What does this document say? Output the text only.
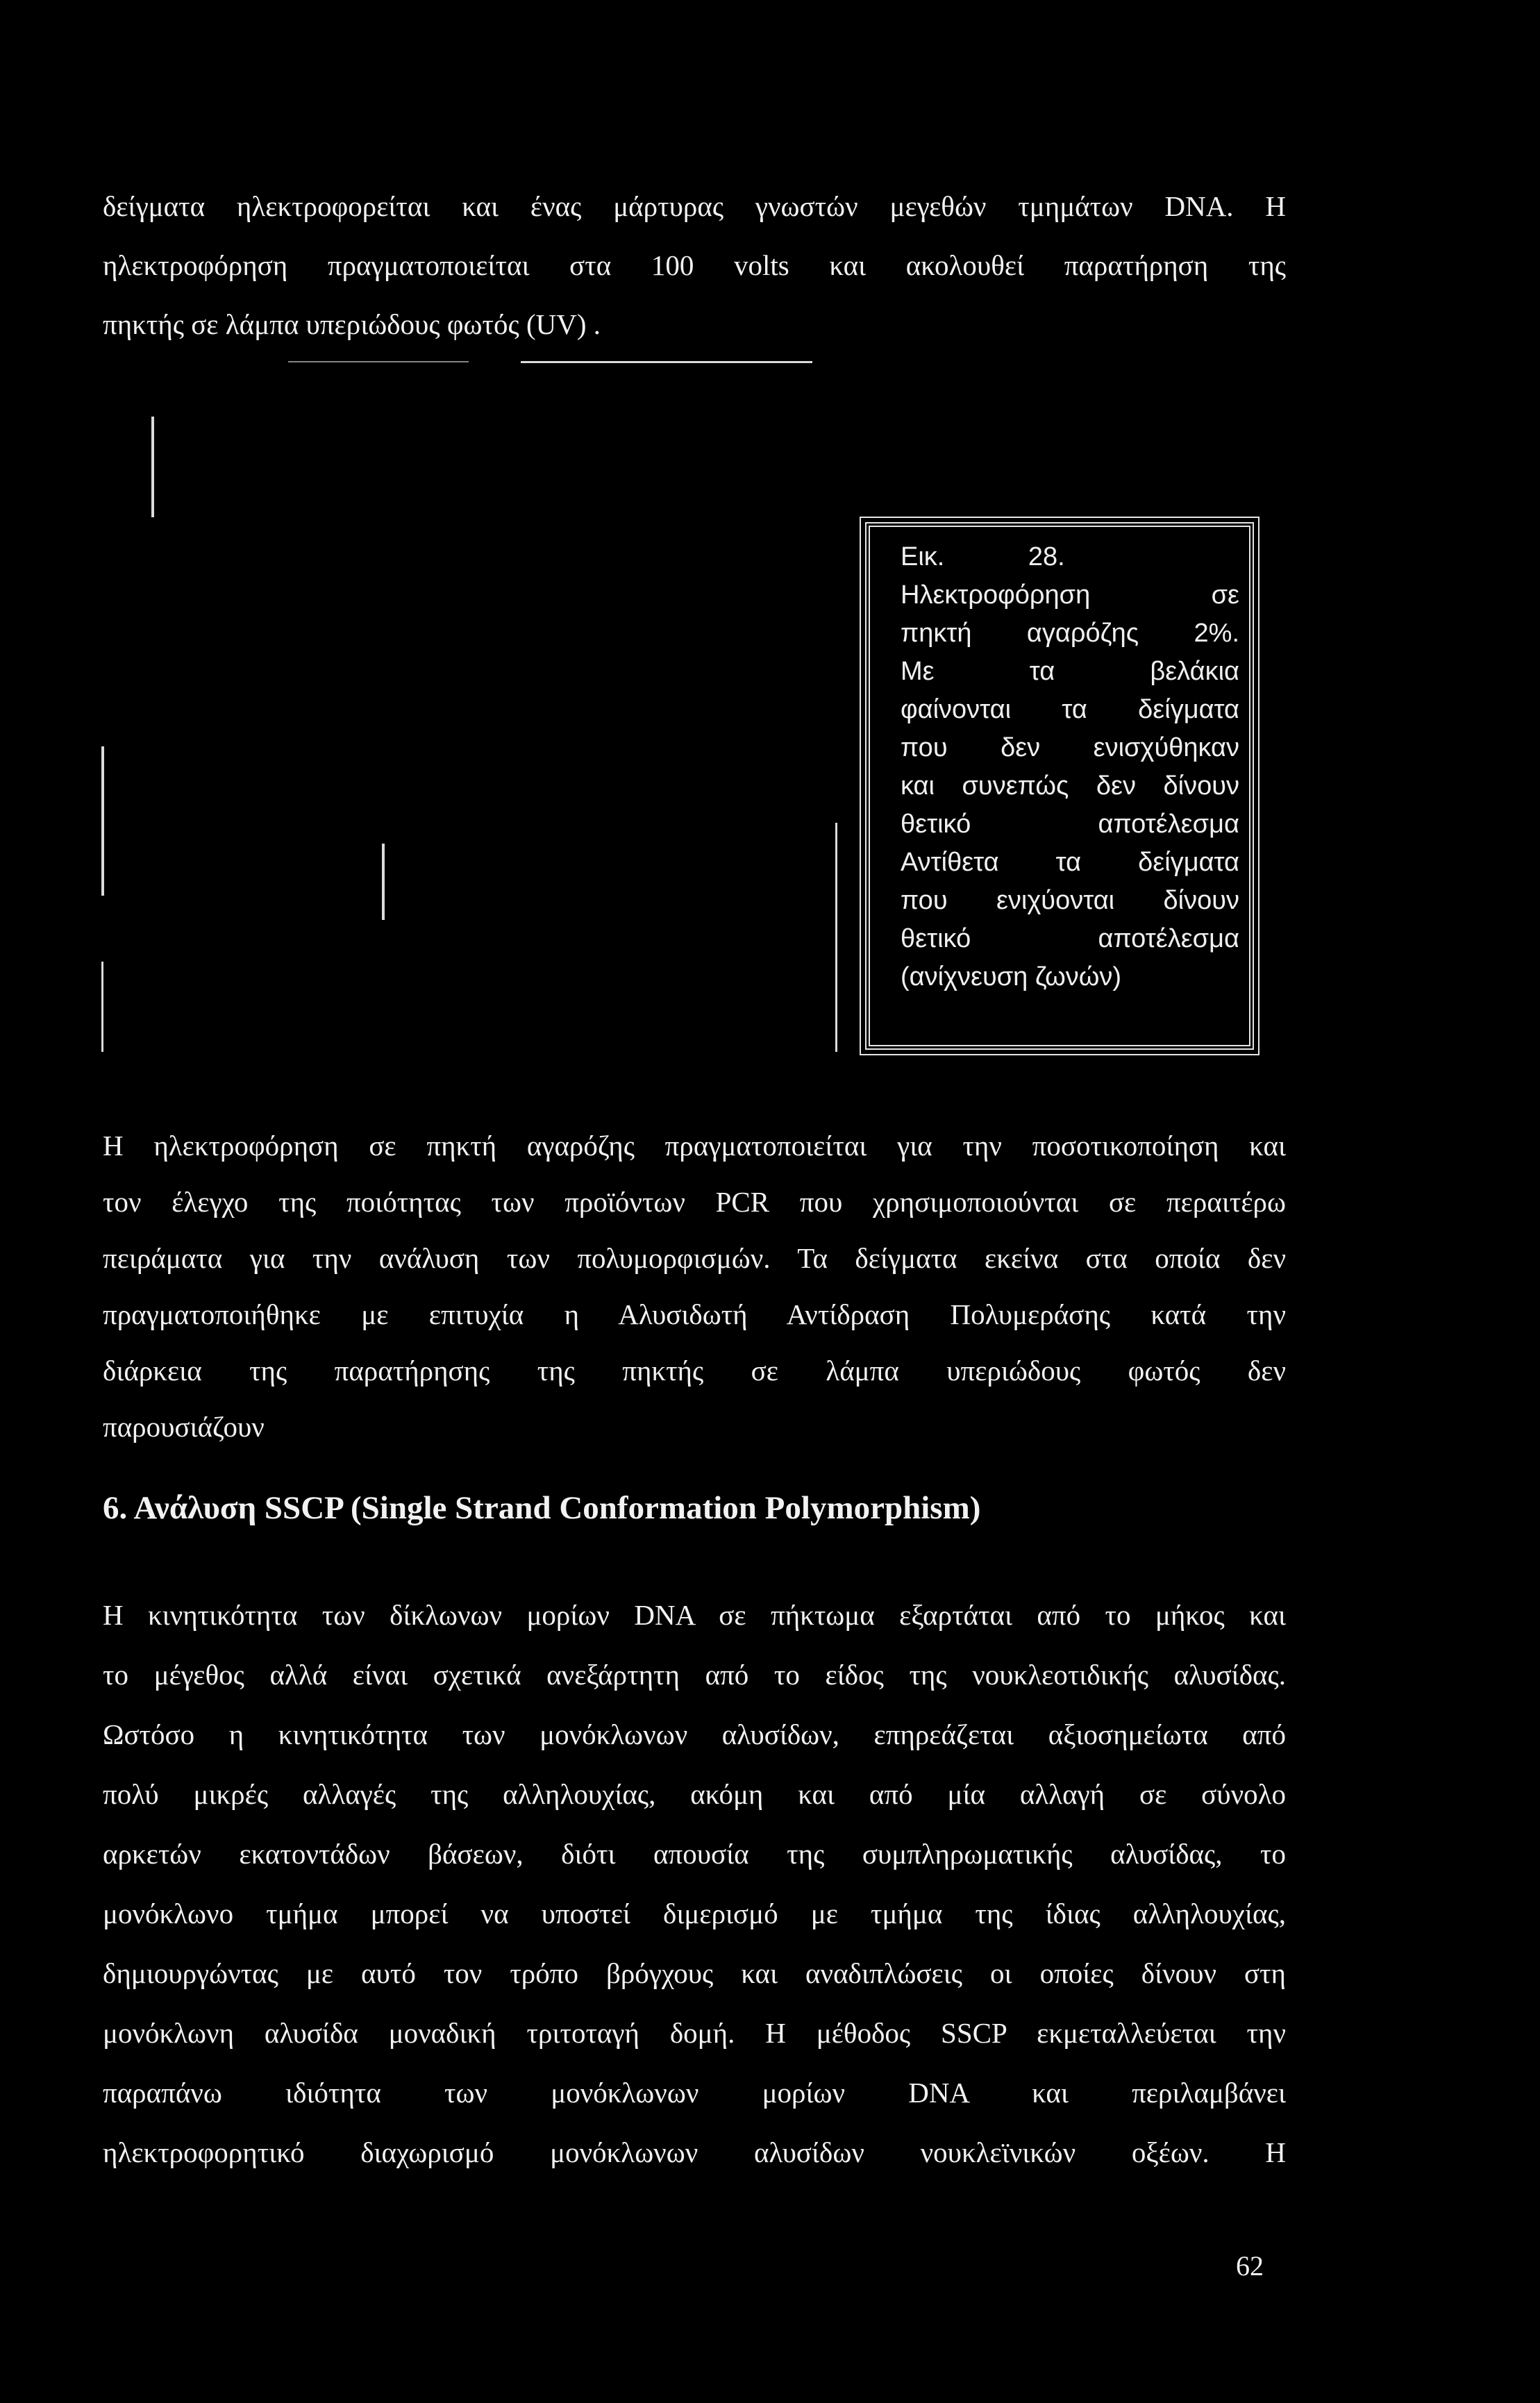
δείγματα ηλεκτροφορείται και ένας μάρτυρας γνωστών μεγεθών τμημάτων DNA. Η
ηλεκτροφόρηση πραγματοποιείται στα 100 volts και ακολουθεί παρατήρηση της
πηκτής σε λάμπα υπεριώδους φωτός (UV) .
Εικ. 28.
Ηλεκτροφόρηση σε
πηκτή αγαρόζης 2%.
Με τα βελάκια
φαίνονται τα δείγματα
που δεν ενισχύθηκαν
και συνεπώς δεν δίνουν
θετικό αποτέλεσμα
Αντίθετα τα δείγματα
που ενιχύονται δίνουν
θετικό αποτέλεσμα
(ανίχνευση ζωνών)
Η ηλεκτροφόρηση σε πηκτή αγαρόζης πραγματοποιείται για την ποσοτικοποίηση και
τον έλεγχο της ποιότητας των προϊόντων PCR που χρησιμοποιούνται σε περαιτέρω
πειράματα για την ανάλυση των πολυμορφισμών. Τα δείγματα εκείνα στα οποία δεν
πραγματοποιήθηκε με επιτυχία η Αλυσιδωτή Αντίδραση Πολυμεράσης κατά την
διάρκεια της παρατήρησης της πηκτής σε λάμπα υπεριώδους φωτός δεν
παρουσιάζουν
6. Ανάλυση SSCP (Single Strand Conformation Polymorphism)
Η κινητικότητα των δίκλωνων μορίων DNA σε πήκτωμα εξαρτάται από το μήκος και
το μέγεθος αλλά είναι σχετικά ανεξάρτητη από το είδος της νουκλεοτιδικής αλυσίδας.
Ωστόσο η κινητικότητα των μονόκλωνων αλυσίδων, επηρεάζεται αξιοσημείωτα από
πολύ μικρές αλλαγές της αλληλουχίας, ακόμη και από μία αλλαγή σε σύνολο
αρκετών εκατοντάδων βάσεων, διότι απουσία της συμπληρωματικής αλυσίδας, το
μονόκλωνο τμήμα μπορεί να υποστεί διμερισμό με τμήμα της ίδιας αλληλουχίας,
δημιουργώντας με αυτό τον τρόπο βρόγχους και αναδιπλώσεις οι οποίες δίνουν στη
μονόκλωνη αλυσίδα μοναδική τριτοταγή δομή. Η μέθοδος SSCP εκμεταλλεύεται την
παραπάνω ιδιότητα των μονόκλωνων μορίων DNA και περιλαμβάνει
ηλεκτροφορητικό διαχωρισμό μονόκλωνων αλυσίδων νουκλεϊνικών οξέων. Η
62
